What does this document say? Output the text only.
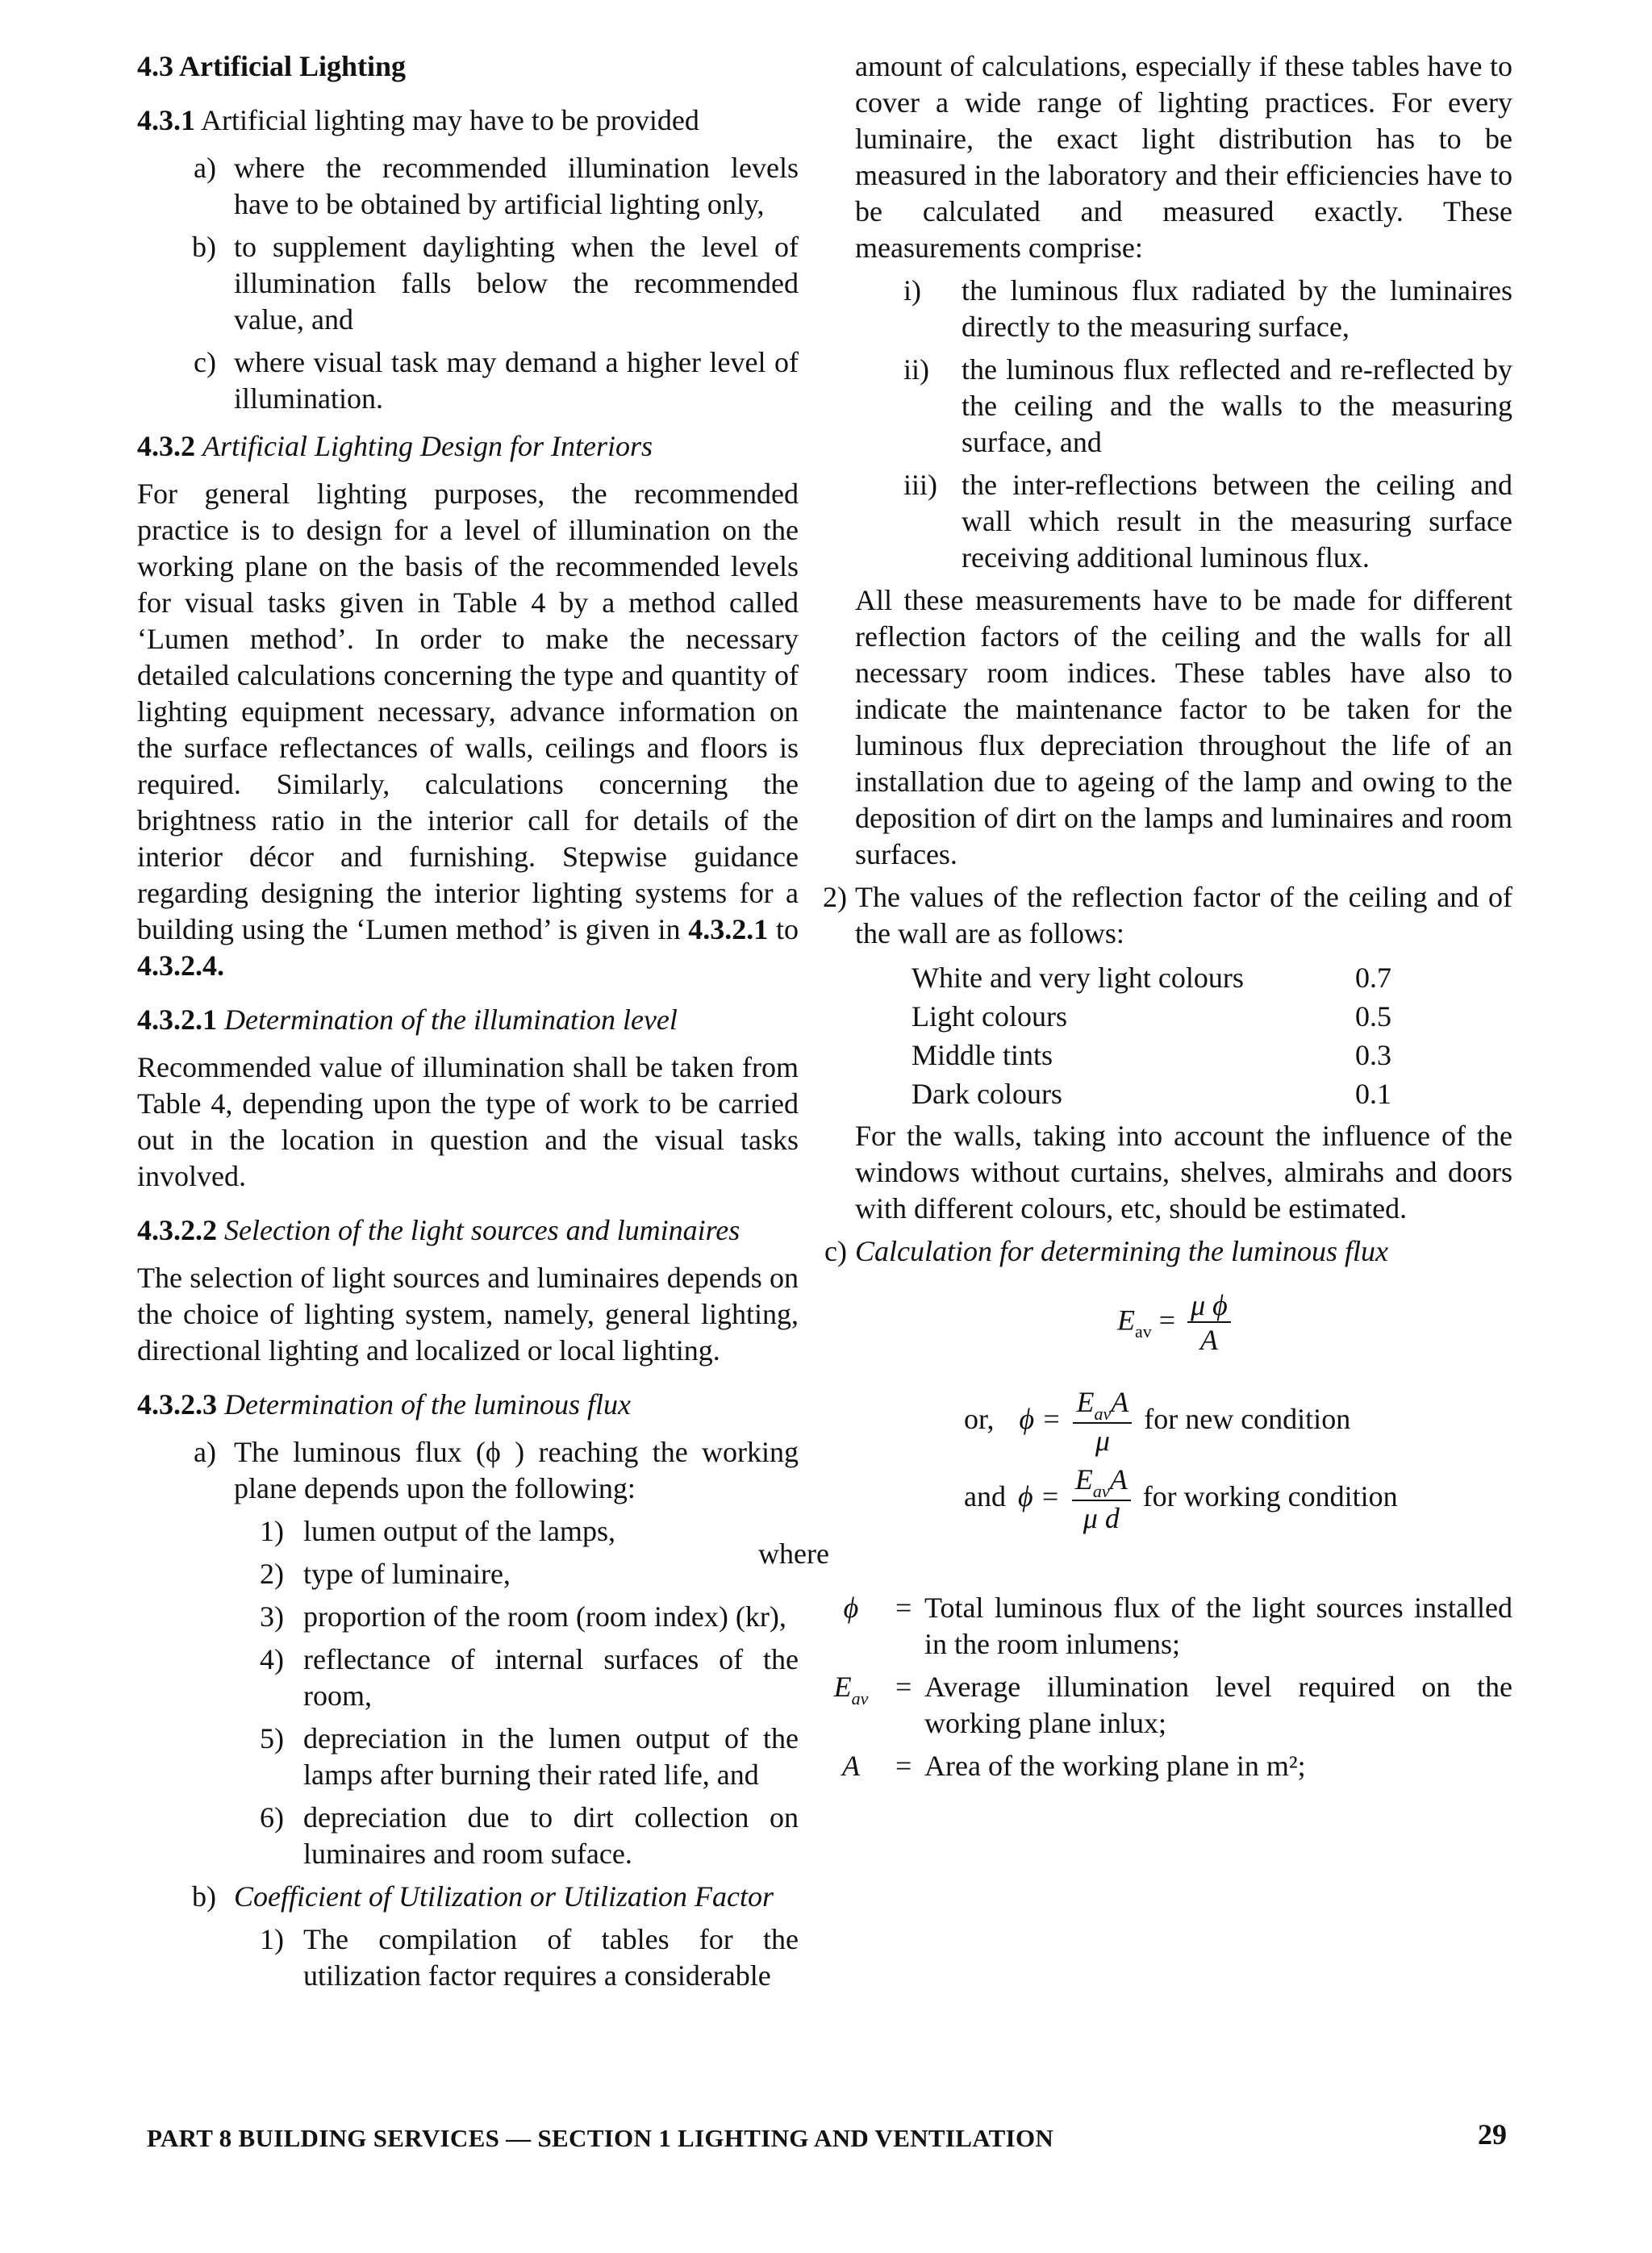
4.3 Artificial Lighting
4.3.1 Artificial lighting may have to be provided
a) where the recommended illumination levels have to be obtained by artificial lighting only,
b) to supplement daylighting when the level of illumination falls below the recommended value, and
c) where visual task may demand a higher level of illumination.
4.3.2 Artificial Lighting Design for Interiors
For general lighting purposes, the recommended practice is to design for a level of illumination on the working plane on the basis of the recommended levels for visual tasks given in Table 4 by a method called ‘Lumen method’. In order to make the necessary detailed calculations concerning the type and quantity of lighting equipment necessary, advance information on the surface reflectances of walls, ceilings and floors is required. Similarly, calculations concerning the brightness ratio in the interior call for details of the interior décor and furnishing. Stepwise guidance regarding designing the interior lighting systems for a building using the ‘Lumen method’ is given in 4.3.2.1 to 4.3.2.4.
4.3.2.1 Determination of the illumination level
Recommended value of illumination shall be taken from Table 4, depending upon the type of work to be carried out in the location in question and the visual tasks involved.
4.3.2.2 Selection of the light sources and luminaires
The selection of light sources and luminaires depends on the choice of lighting system, namely, general lighting, directional lighting and localized or local lighting.
4.3.2.3 Determination of the luminous flux
a) The luminous flux (ϕ ) reaching the working plane depends upon the following:
1) lumen output of the lamps,
2) type of luminaire,
3) proportion of the room (room index) (kr),
4) reflectance of internal surfaces of the room,
5) depreciation in the lumen output of the lamps after burning their rated life, and
6) depreciation due to dirt collection on luminaires and room suface.
b) Coefficient of Utilization or Utilization Factor
1) The compilation of tables for the utilization factor requires a considerable
amount of calculations, especially if these tables have to cover a wide range of lighting practices. For every luminaire, the exact light distribution has to be measured in the laboratory and their efficiencies have to be calculated and measured exactly. These measurements comprise:
i)	the luminous flux radiated by the luminaires directly to the measuring surface,
ii)	the luminous flux reflected and re-reflected by the ceiling and the walls to the measuring surface, and
iii) the inter-reflections between the ceiling and wall which result in the measuring surface receiving additional luminous flux.
All these measurements have to be made for different reflection factors of the ceiling and the walls for all necessary room indices. These tables have also to indicate the maintenance factor to be taken for the luminous flux depreciation throughout the life of an installation due to ageing of the lamp and owing to the deposition of dirt on the lamps and luminaires and room surfaces.
2) The values of the reflection factor of the ceiling and of the wall are as follows:
White and very light colours	0.7
Light colours	0.5
Middle tints	0.3
Dark colours	0.1
For the walls, taking into account the influence of the windows without curtains, shelves, almirahs and doors with different colours, etc, should be estimated.
c) Calculation for determining the luminous flux
$E_{av} = \frac{\text{μ ϕ}}{A}$
or, $\phi = \frac{E_{av}A}{\mu}$ for new condition
and $\phi = \frac{E_{av}A}{\text{μ d}}$ for working condition
where
ϕ	= Total luminous flux of the light sources installed in the room inlumens;
$E_{av}$ = Average illumination level required on the working plane inlux;
A	= Area of the working plane in m²;
PART 8 BUILDING SERVICES — SECTION 1 LIGHTING AND VENTILATION	29
